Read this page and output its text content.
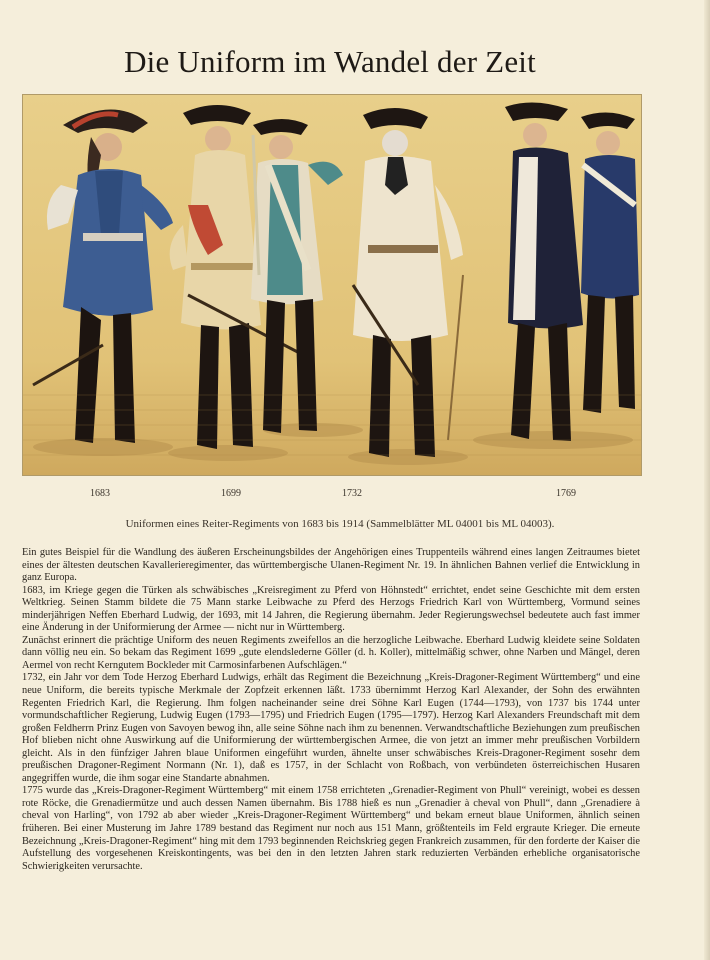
Die Uniform im Wandel der Zeit
1683	1699	1732	1769
Uniformen eines Reiter-Regiments von 1683 bis 1914 (Sammelblätter ML 04001 bis ML 04003).

Ein gutes Beispiel für die Wandlung des äußeren Erscheinungsbildes der Angehörigen eines Truppenteils während eines langen Zeitraumes bietet eines der ältesten deutschen Kavallerieregimenter, das württembergische Ulanen-Regiment Nr. 19. In ähnlichen Bahnen verlief die Entwicklung in ganz Europa.

1683, im Kriege gegen die Türken als schwäbisches „Kreisregiment zu Pferd von Höhnstedt“ errichtet, endet seine Geschichte mit dem ersten Weltkrieg. Seinen Stamm bildete die 75 Mann starke Leibwache zu Pferd des Herzogs Friedrich Karl von Württemberg, Vormund seines minderjährigen Neffen Eberhard Ludwig, der 1693, mit 14 Jahren, die Regierung übernahm. Jeder Regierungswechsel bedeutete auch fast immer eine Änderung in der Uniformierung der Armee — nicht nur in Württemberg.

Zunächst erinnert die prächtige Uniform des neuen Regiments zweifellos an die herzogliche Leibwache. Eberhard Ludwig kleidete seine Soldaten dann völlig neu ein. So bekam das Regiment 1699 „gute elendslederne Göller (d. h. Koller), mittelmäßig schwer, ohne Narben und Mängel, deren Aermel von recht Kerngutem Bockleder mit Carmosinfarbenen Aufschlägen.“

1732, ein Jahr vor dem Tode Herzog Eberhard Ludwigs, erhält das Regiment die Bezeichnung „Kreis-Dragoner-Regiment Württemberg“ und eine neue Uniform, die bereits typische Merkmale der Zopfzeit erkennen läßt. 1733 übernimmt Herzog Karl Alexander, der Sohn des erwähnten Regenten Friedrich Karl, die Regierung. Ihm folgen nacheinander seine drei Söhne Karl Eugen (1744—1793), von 1737 bis 1744 unter vormundschaftlicher Regierung, Ludwig Eugen (1793—1795) und Friedrich Eugen (1795—1797). Herzog Karl Alexanders Freundschaft mit dem großen Feldherrn Prinz Eugen von Savoyen bewog ihn, alle seine Söhne nach ihm zu benennen. Verwandtschaftliche Beziehungen zum preußischen Hof blieben nicht ohne Auswirkung auf die Uniformierung der württembergischen Armee, die von jetzt an immer mehr preußischen Vorbildern gleicht. Als in den fünfziger Jahren blaue Uniformen eingeführt wurden, ähnelte unser schwäbisches Kreis-Dragoner-Regiment sosehr dem preußischen Dragoner-Regiment Normann (Nr. 1), daß es 1757, in der Schlacht von Roßbach, von verbündeten österreichischen Husaren angegriffen wurde, die ihm sogar eine Standarte abnahmen.

1775 wurde das „Kreis-Dragoner-Regiment Württemberg“ mit einem 1758 errichteten „Grenadier-Regiment von Phull“ vereinigt, wobei es dessen rote Röcke, die Grenadiermütze und auch dessen Namen übernahm. Bis 1788 hieß es nun „Grenadier à cheval von Phull“, dann „Grenadiere à cheval von Harling“, von 1792 ab aber wieder „Kreis-Dragoner-Regiment Württemberg“ und bekam erneut blaue Uniformen, ähnlich seinen früheren. Bei einer Musterung im Jahre 1789 bestand das Regiment nur noch aus 151 Mann, größtenteils im Feld ergraute Krieger. Die erneute Bezeichnung „Kreis-Dragoner-Regiment“ hing mit dem 1793 beginnenden Reichskrieg gegen Frankreich zusammen, für den forderte der Kaiser die Aufstellung des vorgesehenen Kreiskontingents, was bei den in den letzten Jahren stark reduzierten Verbänden erhebliche organisatorische Schwierigkeiten verursachte.
